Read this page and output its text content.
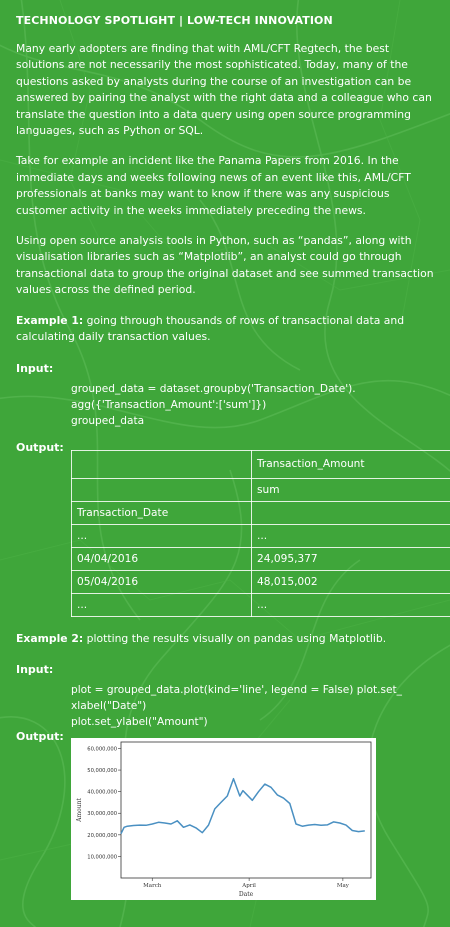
TECHNOLOGY SPOTLIGHT | LOW-TECH INNOVATION

Many early adopters are finding that with AML/CFT Regtech, the best solutions are not necessarily the most sophisticated. Today, many of the questions asked by analysts during the course of an investigation can be answered by pairing the analyst with the right data and a colleague who can translate the question into a data query using open source programming languages, such as Python or SQL.

Take for example an incident like the Panama Papers from 2016. In the immediate days and weeks following news of an event like this, AML/CFT professionals at banks may want to know if there was any suspicious customer activity in the weeks immediately preceding the news.

Using open source analysis tools in Python, such as “pandas”, along with visualisation libraries such as “Matplotlib”, an analyst could go through transactional data to group the original dataset and see summed transaction values across the defined period.

Example 1: going through thousands of rows of transactional data and calculating daily transaction values.
Input:
grouped_data = dataset.groupby('Transaction_Date').
agg({'Transaction_Amount':['sum']})
grouped_data
Output:
	Transaction_Amount
	sum
Transaction_Date	
...	...
04/04/2016	24,095,377
05/04/2016	48,015,002
...	...
Example 2: plotting the results visually on pandas using Matplotlib.
Input:
plot = grouped_data.plot(kind='line', legend = False) plot.set_
xlabel("Date")
plot.set_ylabel("Amount")
Output:
10,000,000
20,000,000
30,000,000
40,000,000
50,000,000
60,000,000
March	April	May
Date
Amount
